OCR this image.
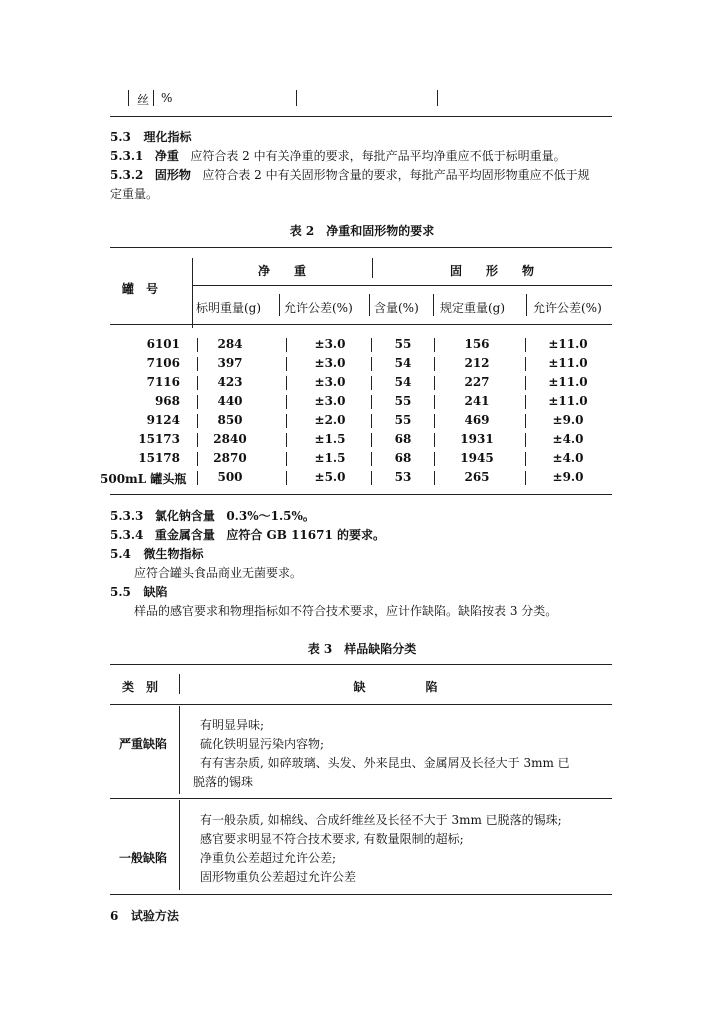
丝 %
5.3 理化指标
5.3.1 净重 应符合表 2 中有关净重的要求，每批产品平均净重应不低于标明重量。
5.3.2 固形物 应符合表 2 中有关固形物含量的要求，每批产品平均固形物重应不低于规
定重量。
表 2　净重和固形物的要求
罐　号
净　　重	固　　形　　物
标明重量(g) 允许公差(%) 含量(%) 规定重量(g) 允许公差(%)
6101	284	±3.0	55	156	±11.0
7106	397	±3.0	54	212	±11.0
7116	423	±3.0	54	227	±11.0
968	440	±3.0	55	241	±11.0
9124	850	±2.0	55	469	±9.0
15173	2840	±1.5	68	1931	±4.0
15178	2870	±1.5	68	1945	±4.0
500mL 罐头瓶	500	±5.0	53	265	±9.0
5.3.3 氯化钠含量 0.3%～1.5%。
5.3.4 重金属含量 应符合 GB 11671 的要求。
5.4 微生物指标
应符合罐头食品商业无菌要求。
5.5 缺陷
样品的感官要求和物理指标如不符合技术要求，应计作缺陷。缺陷按表 3 分类。
表 3　样品缺陷分类
类　别	缺　　　　　陷
严重缺陷
有明显异味;
硫化铁明显污染内容物;
有有害杂质, 如碎玻璃、头发、外来昆虫、金属屑及长径大于 3mm 已
脱落的锡珠
一般缺陷
有一般杂质, 如棉线、合成纤维丝及长径不大于 3mm 已脱落的锡珠;
感官要求明显不符合技术要求, 有数量限制的超标;
净重负公差超过允许公差;
固形物重负公差超过允许公差
6 试验方法
